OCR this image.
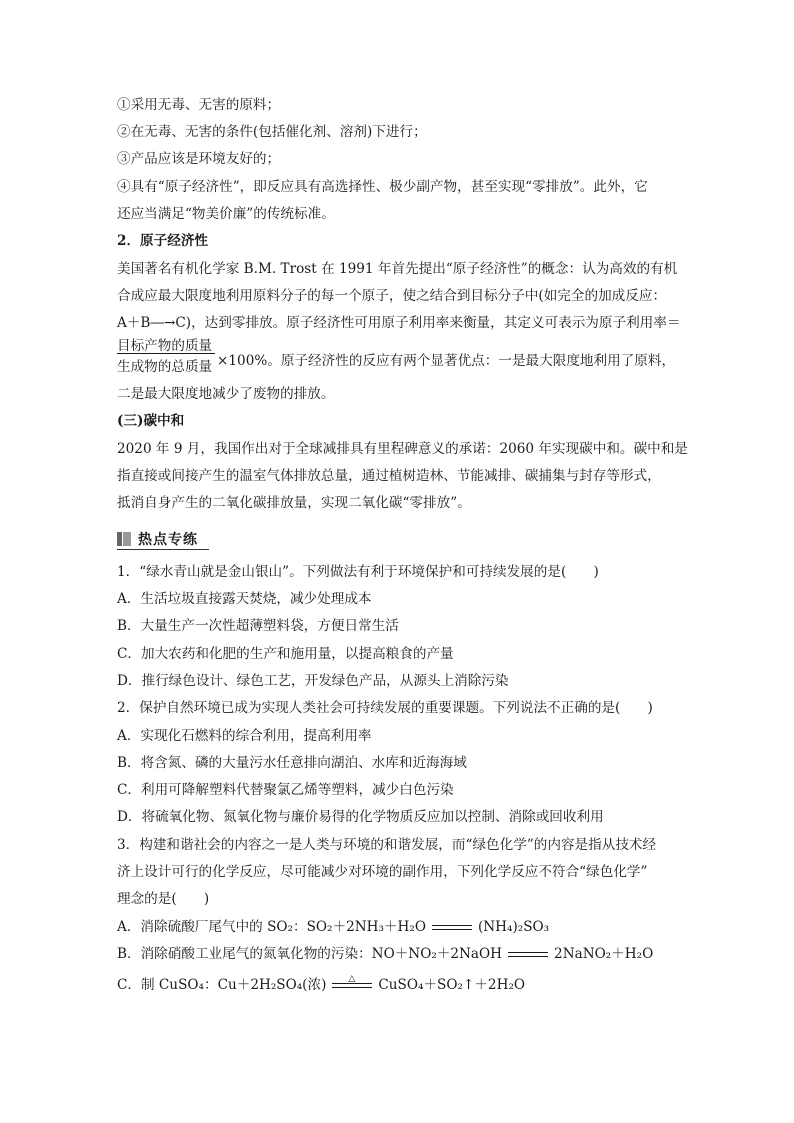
①采用无毒、无害的原料；
②在无毒、无害的条件(包括催化剂、溶剂)下进行；
③产品应该是环境友好的；
④具有“原子经济性”，即反应具有高选择性、极少副产物，甚至实现“零排放”。此外，它
还应当满足“物美价廉”的传统标准。
2．原子经济性
美国著名有机化学家 B.M. Trost 在 1991 年首先提出“原子经济性”的概念：认为高效的有机
合成应最大限度地利用原料分子的每一个原子，使之结合到目标分子中(如完全的加成反应：
A＋B―→C)，达到零排放。原子经济性可用原子利用率来衡量，其定义可表示为原子利用率＝
目标产物的质量
生成物的总质量 ×100%。原子经济性的反应有两个显著优点：一是最大限度地利用了原料，
二是最大限度地减少了废物的排放。
(三)碳中和
2020 年 9 月，我国作出对于全球减排具有里程碑意义的承诺：2060 年实现碳中和。碳中和是
指直接或间接产生的温室气体排放总量，通过植树造林、节能减排、碳捕集与封存等形式，
抵消自身产生的二氧化碳排放量，实现二氧化碳“零排放”。
热点专练
1．“绿水青山就是金山银山”。下列做法有利于环境保护和可持续发展的是(　　)
A．生活垃圾直接露天焚烧，减少处理成本
B．大量生产一次性超薄塑料袋，方便日常生活
C．加大农药和化肥的生产和施用量，以提高粮食的产量
D．推行绿色设计、绿色工艺，开发绿色产品，从源头上消除污染
2．保护自然环境已成为实现人类社会可持续发展的重要课题。下列说法不正确的是(　　)
A．实现化石燃料的综合利用，提高利用率
B．将含氮、磷的大量污水任意排向湖泊、水库和近海海域
C．利用可降解塑料代替聚氯乙烯等塑料，减少白色污染
D．将硫氧化物、氮氧化物与廉价易得的化学物质反应加以控制、消除或回收利用
3．构建和谐社会的内容之一是人类与环境的和谐发展，而“绿色化学”的内容是指从技术经
济上设计可行的化学反应，尽可能减少对环境的副作用，下列化学反应不符合“绿色化学”
理念的是(　　)
A．消除硫酸厂尾气中的 SO₂：SO₂＋2NH₃＋H₂O	(NH₄)₂SO₃
B．消除硝酸工业尾气的氮氧化物的污染：NO＋NO₂＋2NaOH	2NaNO₂＋H₂O
C．制 CuSO₄：Cu＋2H₂SO₄(浓) △ CuSO₄＋SO₂↑＋2H₂O
